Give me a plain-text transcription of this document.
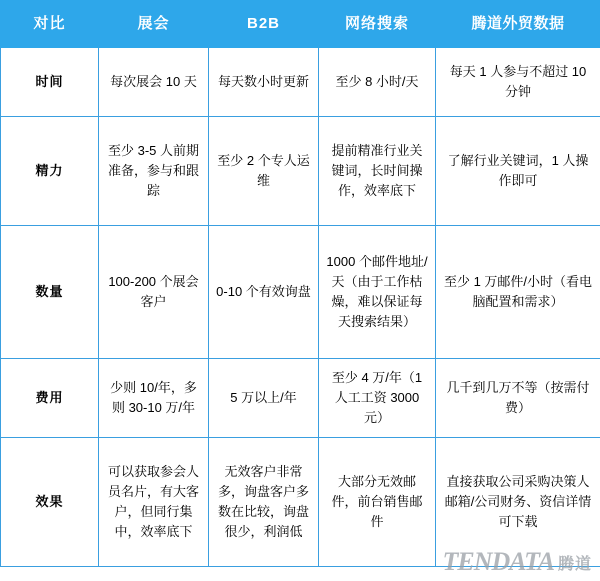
对比	展会	B2B	网络搜索	腾道外贸数据
时间	每次展会 10 天	每天数小时更新	至少 8 小时/天	每天 1 人参与不超过 10 分钟
精力	至少 3-5 人前期准备，参与和跟踪	至少 2 个专人运维	提前精准行业关键词，长时间操作，效率底下	了解行业关键词，1 人操作即可
数量	100-200 个展会客户	0-10 个有效询盘	1000 个邮件地址/天（由于工作枯燥，难以保证每天搜索结果）	至少 1 万邮件/小时（看电脑配置和需求）
费用	少则 10/年，多则 30-10 万/年	5 万以上/年	至少 4 万/年（1 人工工资 3000 元）	几千到几万不等（按需付费）
效果	可以获取参会人员名片，有大客户，但同行集中，效率底下	无效客户非常多，询盘客户多数在比较，询盘很少，利润低	大部分无效邮件，前台销售邮件	直接获取公司采购决策人邮箱/公司财务、资信详情可下载
TENDATA 腾道
